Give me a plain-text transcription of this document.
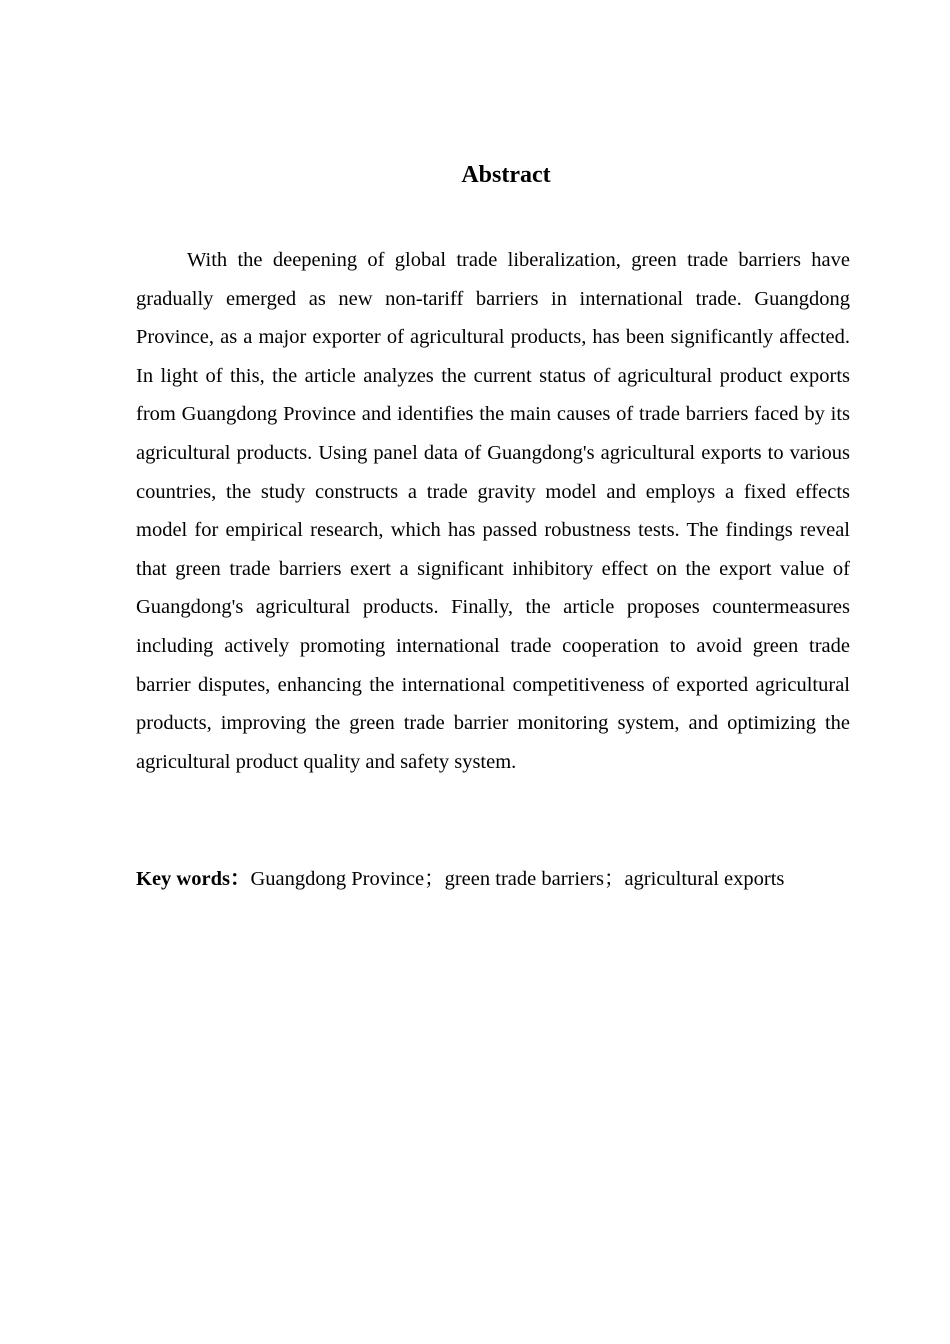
Abstract

With the deepening of global trade liberalization, green trade barriers have gradually emerged as new non-tariff barriers in international trade. Guangdong Province, as a major exporter of agricultural products, has been significantly affected. In light of this, the article analyzes the current status of agricultural product exports from Guangdong Province and identifies the main causes of trade barriers faced by its agricultural products. Using panel data of Guangdong's agricultural exports to various countries, the study constructs a trade gravity model and employs a fixed effects model for empirical research, which has passed robustness tests. The findings reveal that green trade barriers exert a significant inhibitory effect on the export value of Guangdong's agricultural products. Finally, the article proposes countermeasures including actively promoting international trade cooperation to avoid green trade barrier disputes, enhancing the international competitiveness of exported agricultural products, improving the green trade barrier monitoring system, and optimizing the agricultural product quality and safety system.

Key words：Guangdong Province；green trade barriers；agricultural exports
